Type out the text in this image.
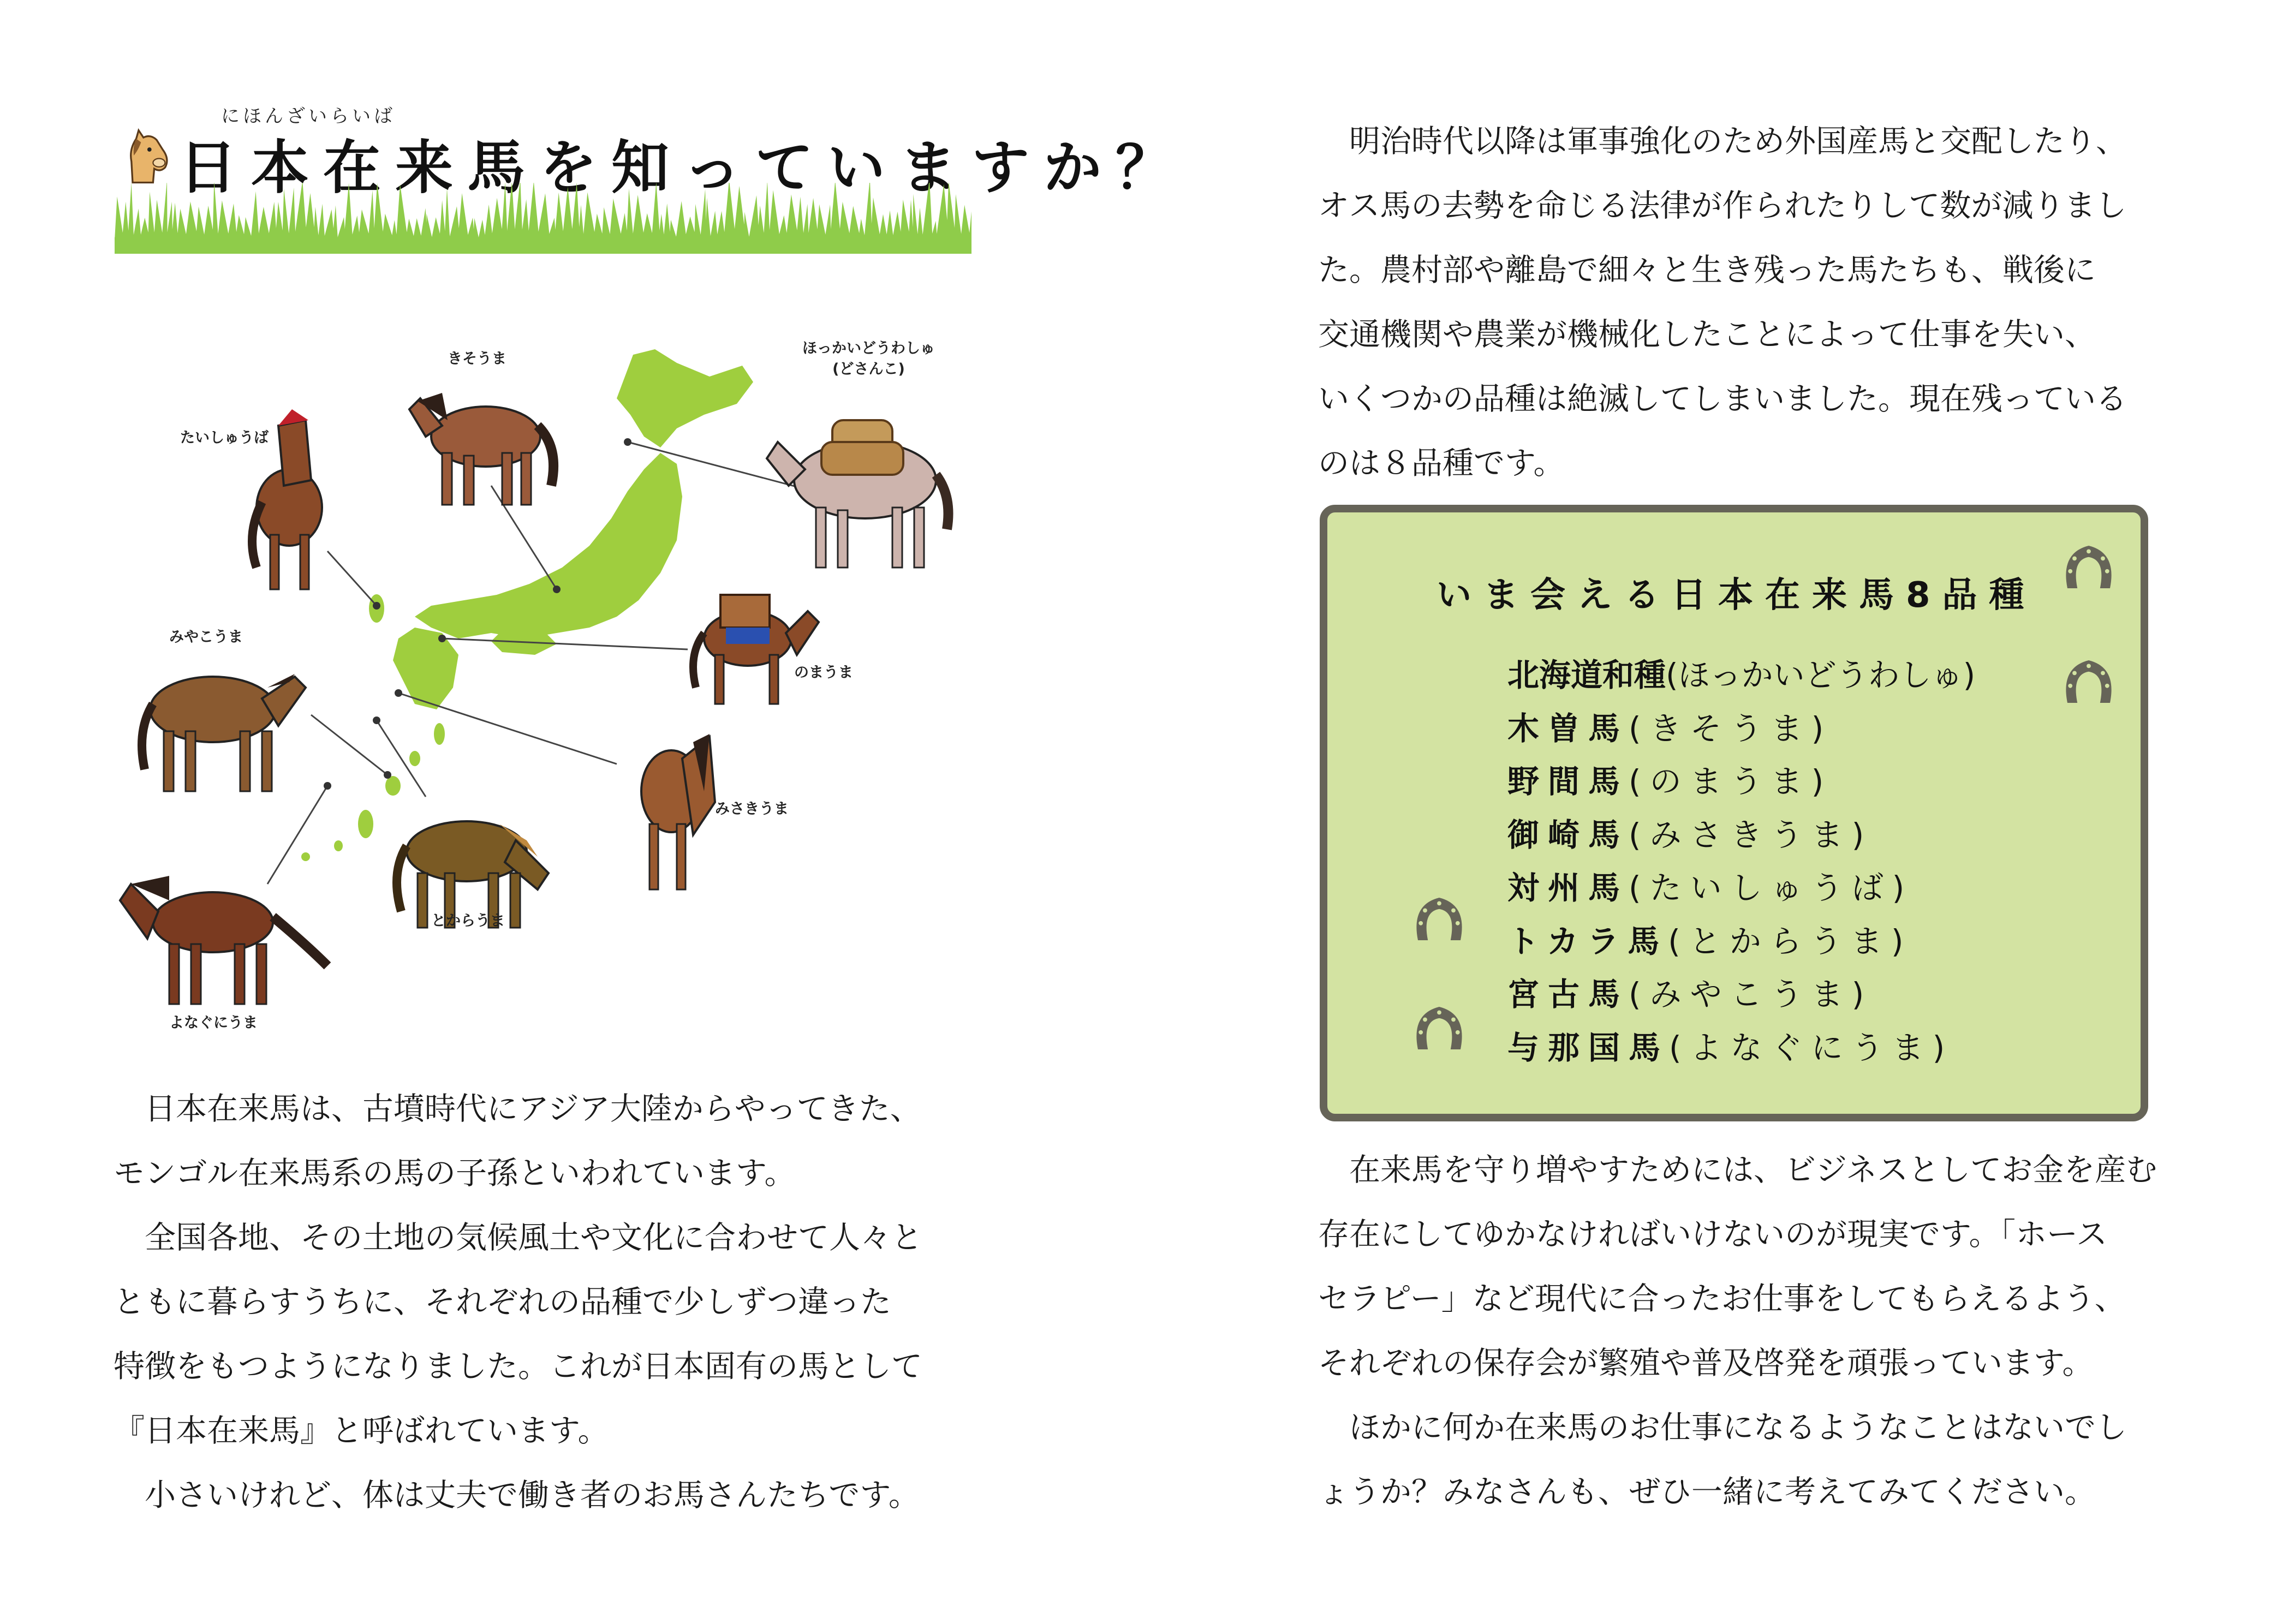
にほんざいらいば
日本在来馬を知っていますか？
きそうま
ほっかいどうわしゅ
(どさんこ)
たいしゅうば
のまうま
みやこうま
みさきうま
とからうま
よなぐにうま

　日本在来馬は、古墳時代にアジア大陸からやってきた、

モンゴル在来馬系の馬の子孫といわれています。

　全国各地、その土地の気候風土や文化に合わせて人々と

ともに暮らすうちに、それぞれの品種で少しずつ違った

特徴をもつようになりました。これが日本固有の馬として

『日本在来馬』と呼ばれています。

　小さいけれど、体は丈夫で働き者のお馬さんたちです。

　明治時代以降は軍事強化のため外国産馬と交配したり、

オス馬の去勢を命じる法律が作られたりして数が減りまし

た。農村部や離島で細々と生き残った馬たちも、戦後に

交通機関や農業が機械化したことによって仕事を失い、

いくつかの品種は絶滅してしまいました。現在残っている

のは８品種です。

いま会える日本在来馬8品種
北海道和種(ほっかいどうわしゅ)
木曽馬(きそうま)
野間馬(のまうま)
御崎馬(みさきうま)
対州馬(たいしゅうば)
トカラ馬(とからうま)
宮古馬(みやこうま)
与那国馬(よなぐにうま)

　在来馬を守り増やすためには、ビジネスとしてお金を産む

存在にしてゆかなければいけないのが現実です。「ホース

セラピー」など現代に合ったお仕事をしてもらえるよう、

それぞれの保存会が繁殖や普及啓発を頑張っています。

　ほかに何か在来馬のお仕事になるようなことはないでし

ょうか？みなさんも、ぜひ一緒に考えてみてください。
